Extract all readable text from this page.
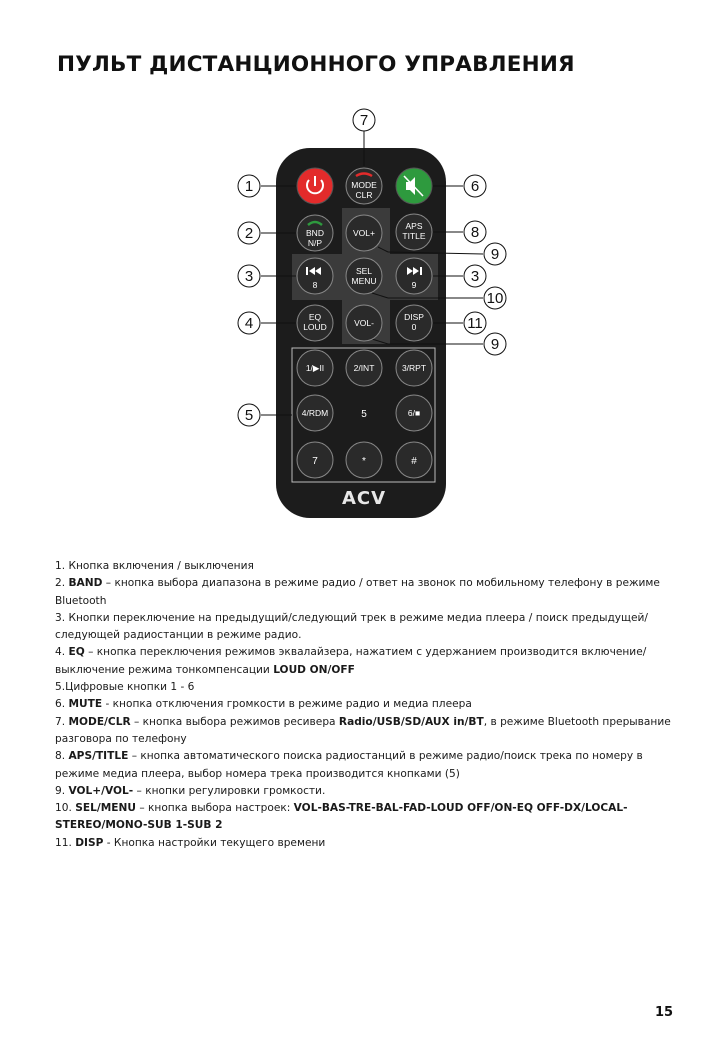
ПУЛЬТ ДИСТАНЦИОННОГО УПРАВЛЕНИЯ
1
7
6
2	8
9
3	3
10
4	11
9
5
MODE
CLR
BND
N/P
VOL+
APS
TITLE
8
SEL
MENU	9
EQ
LOUD	VOL-
DISP
0
1/▶II	2/INT	3/RPT
4/RDM	5	6/■
7	*	#
ACV

1. Кнопка включения / выключения

2. BAND – кнопка выбора диапазона в режиме радио / ответ на звонок по мобильному телефону в режиме Bluetooth

3. Кнопки переключение на предыдущий/следующий трек в режиме медиа плеера / поиск предыдущей/следующей радиостанции в режиме радио.

4. EQ – кнопка переключения режимов эквалайзера, нажатием с удержанием производится включение/выключение режима тонкомпенсации LOUD ON/OFF

5.Цифровые кнопки 1 - 6

6. MUTE - кнопка отключения громкости в режиме радио и медиа плеера

7. MODE/CLR – кнопка выбора режимов ресивера Radio/USB/SD/AUX in/BT, в режиме Bluetooth прерывание разговора по телефону

8. APS/TITLE – кнопка автоматического поиска радиостанций в режиме радио/поиск трека по номеру в режиме медиа плеера, выбор номера трека производится кнопками (5)

9. VOL+/VOL- – кнопки регулировки громкости.

10. SEL/MENU – кнопка выбора настроек: VOL-BAS-TRE-BAL-FAD-LOUD OFF/ON-EQ OFF-DX/LOCAL-STEREO/MONO-SUB 1-SUB 2

11. DISP - Кнопка настройки текущего времени

15
